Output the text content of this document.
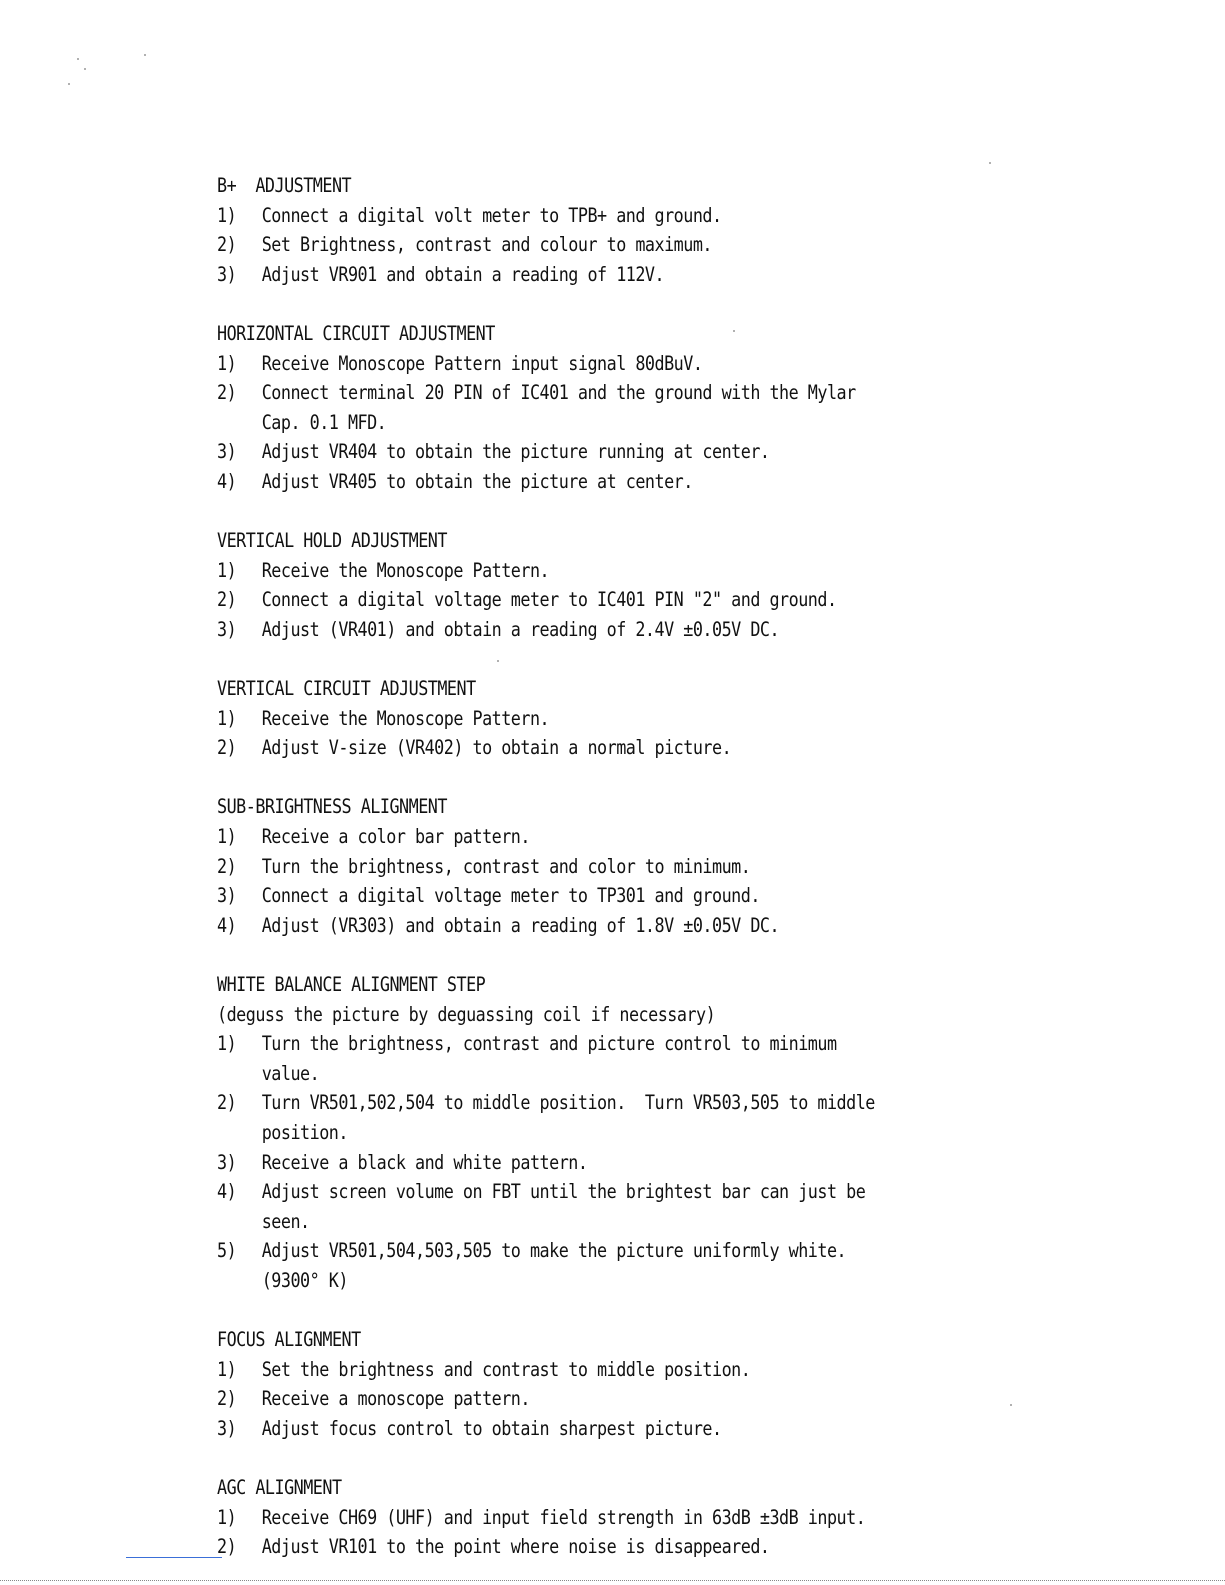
B+  ADJUSTMENT
1)	Connect a digital volt meter to TPB+ and ground.
2)	Set Brightness, contrast and colour to maximum.
3)	Adjust VR901 and obtain a reading of 112V.
HORIZONTAL CIRCUIT ADJUSTMENT
1)	Receive Monoscope Pattern input signal 80dBuV.
2)	Connect terminal 20 PIN of IC401 and the ground with the Mylar
Cap. 0.1 MFD.
3)	Adjust VR404 to obtain the picture running at center.
4)	Adjust VR405 to obtain the picture at center.
VERTICAL HOLD ADJUSTMENT
1)	Receive the Monoscope Pattern.
2)	Connect a digital voltage meter to IC401 PIN "2" and ground.
3)	Adjust (VR401) and obtain a reading of 2.4V ±0.05V DC.
VERTICAL CIRCUIT ADJUSTMENT
1)	Receive the Monoscope Pattern.
2)	Adjust V-size (VR402) to obtain a normal picture.
SUB-BRIGHTNESS ALIGNMENT
1)	Receive a color bar pattern.
2)	Turn the brightness, contrast and color to minimum.
3)	Connect a digital voltage meter to TP301 and ground.
4)	Adjust (VR303) and obtain a reading of 1.8V ±0.05V DC.
WHITE BALANCE ALIGNMENT STEP
(deguss the picture by deguassing coil if necessary)
1)	Turn the brightness, contrast and picture control to minimum
value.
2)	Turn VR501,502,504 to middle position.  Turn VR503,505 to middle
position.
3)	Receive a black and white pattern.
4)	Adjust screen volume on FBT until the brightest bar can just be
seen.
5)	Adjust VR501,504,503,505 to make the picture uniformly white.
(9300° K)
FOCUS ALIGNMENT
1)	Set the brightness and contrast to middle position.
2)	Receive a monoscope pattern.
3)	Adjust focus control to obtain sharpest picture.
AGC ALIGNMENT
1)	Receive CH69 (UHF) and input field strength in 63dB ±3dB input.
2)	Adjust VR101 to the point where noise is disappeared.
